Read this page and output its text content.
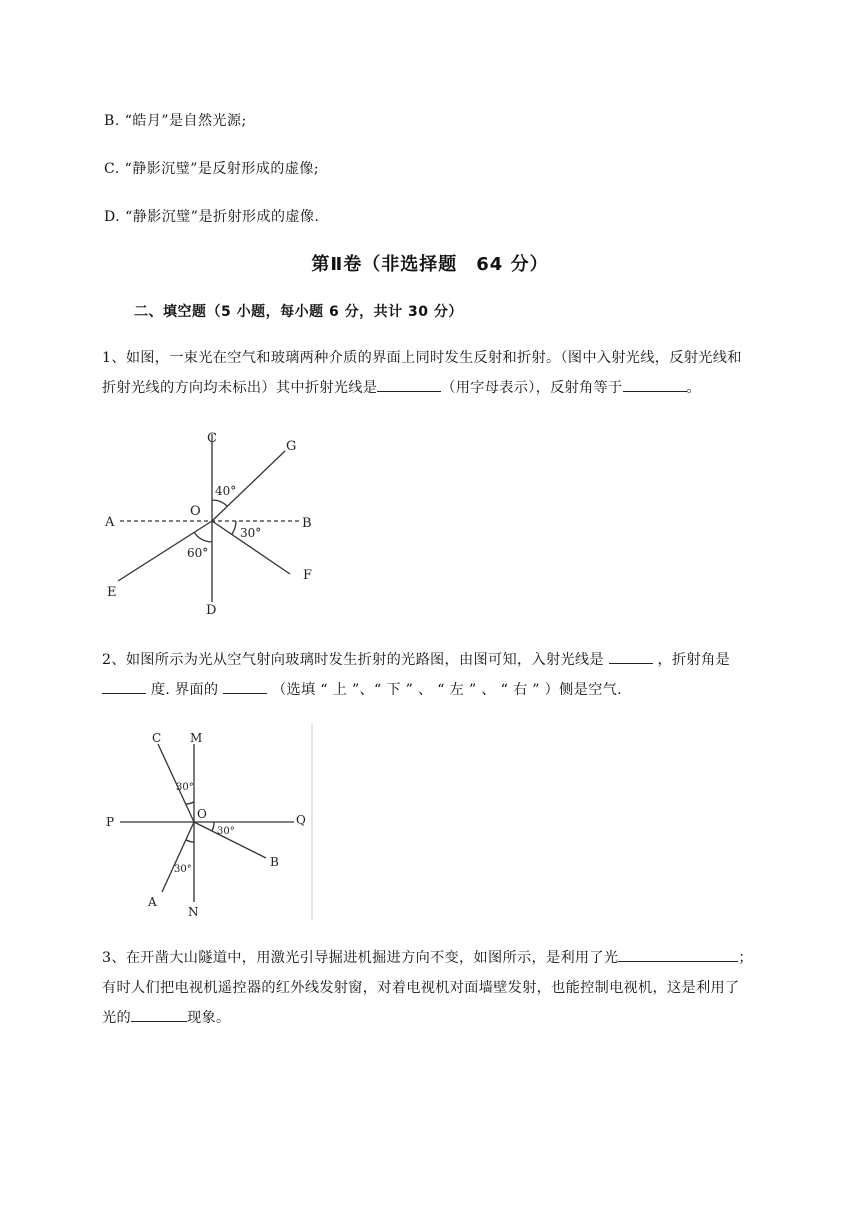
B. “皓月”是自然光源;
C. “静影沉璧”是反射形成的虚像;
D. “静影沉璧”是折射形成的虚像.
第Ⅱ卷（非选择题　64 分）
二、填空题（5 小题，每小题 6 分，共计 30 分）
1、如图，一束光在空气和玻璃两种介质的界面上同时发生反射和折射。（图中入射光线，反射光线和
折射光线的方向均未标出）其中折射光线是	（用字母表示），反射角等于	。
C
G
A
O
B
E
F
D
40°
30°
60°
2、如图所示为光从空气射向玻璃时发生折射的光路图，由图可知，入射光线是	，折射角是
度. 界面的	（选填 “ 上 ”、“ 下 ” 、 “ 左 ” 、 “ 右 ” ）侧是空气.
C M
P
O	Q
B
A
N
30°
30°
30°
3、在开凿大山隧道中，用激光引导掘进机掘进方向不变，如图所示，是利用了光	；
有时人们把电视机遥控器的红外线发射窗，对着电视机对面墙壁发射，也能控制电视机，这是利用了
光的	现象。
